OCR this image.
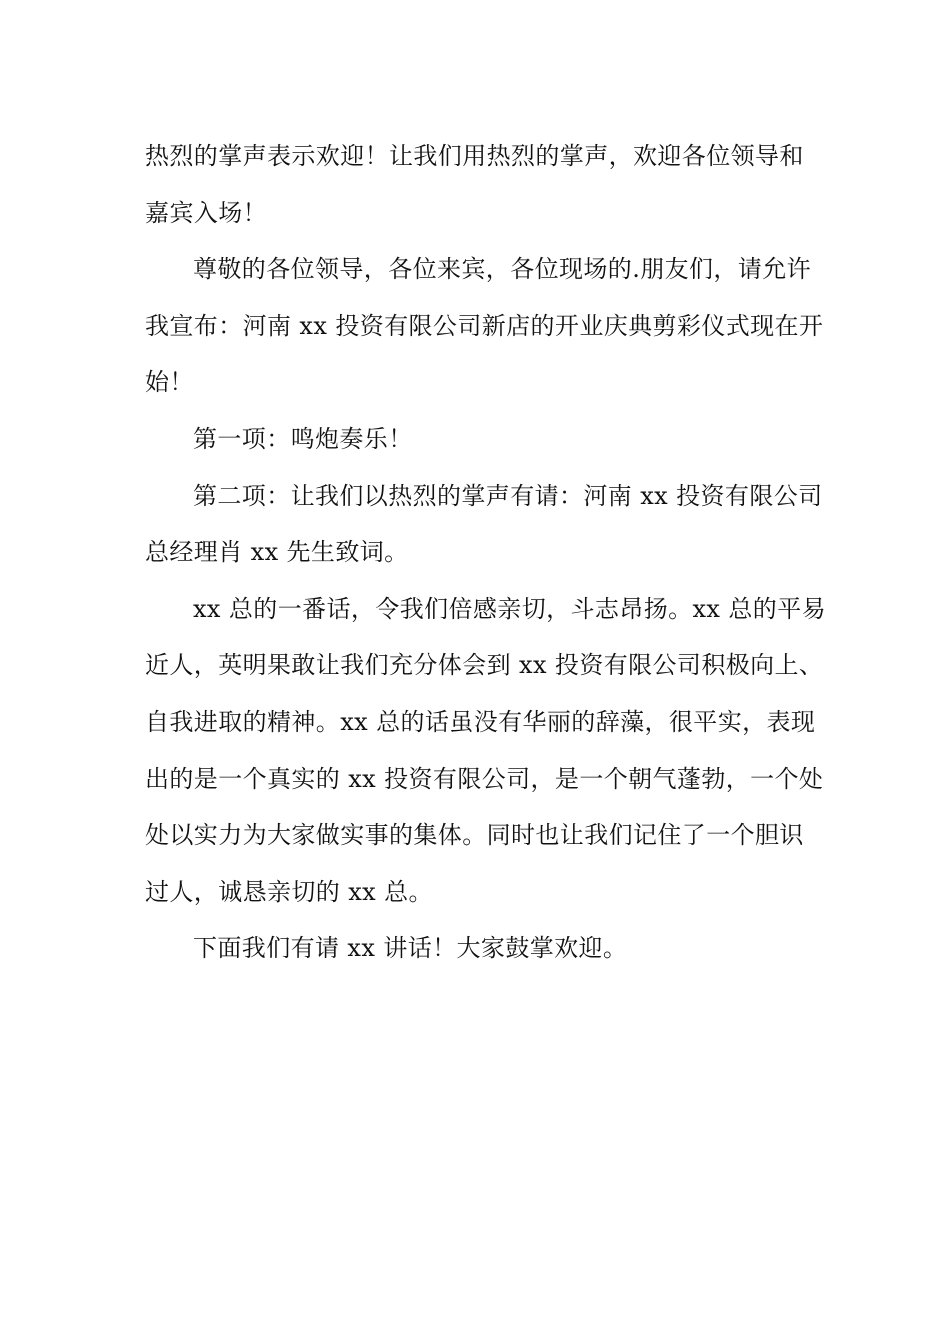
热烈的掌声表示欢迎！让我们用热烈的掌声，欢迎各位领导和
嘉宾入场！

尊敬的各位领导，各位来宾，各位现场的.朋友们，请允许
我宣布：河南 xx 投资有限公司新店的开业庆典剪彩仪式现在开
始！

第一项：鸣炮奏乐！

第二项：让我们以热烈的掌声有请：河南 xx 投资有限公司
总经理肖 xx 先生致词。

xx 总的一番话，令我们倍感亲切，斗志昂扬。xx 总的平易
近人，英明果敢让我们充分体会到 xx 投资有限公司积极向上、
自我进取的精神。xx 总的话虽没有华丽的辞藻，很平实，表现
出的是一个真实的 xx 投资有限公司，是一个朝气蓬勃，一个处
处以实力为大家做实事的集体。同时也让我们记住了一个胆识
过人，诚恳亲切的 xx 总。

下面我们有请 xx 讲话！大家鼓掌欢迎。
